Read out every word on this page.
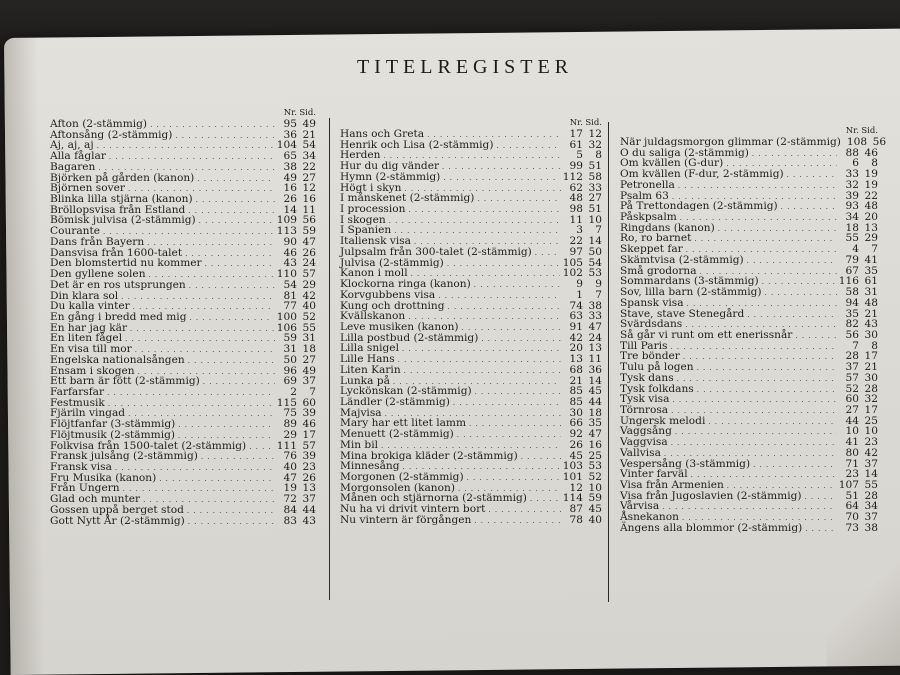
TITELREGISTER
Nr. Sid.
Afton (2-stämmig) . . .	95 49
Aftonsång (2-stämmig) . . .	36 21
Aj, aj, aj . . .	104 54
Alla fåglar . . .	65 34
Bagaren . . .	38 22
Björken på gården (kanon) . . .	49 27
Björnen sover . . .	16 12
Blinka lilla stjärna (kanon) . . .	26 16
Bröllopsvisa från Estland . . .	14 11
Bömisk julvisa (2-stämmig) . . .	109 56
Courante . . .	113 59
Dans från Bayern . . .	90 47
Dansvisa från 1600-talet . . .	46 26
Den blomstertid nu kommer . . .	43 24
Den gyllene solen . . .	110 57
Det är en ros utsprungen . . .	54 29
Din klara sol . . .	81 42
Du kalla vinter . . .	77 40
En gång i bredd med mig . . .	100 52
En har jag kär . . .	106 55
En liten fågel . . .	59 31
En visa till mor . . .	31 18
Engelska nationalsången . . .	50 27
Ensam i skogen . . .	96 49
Ett barn är fött (2-stämmig) . . .	69 37
Farfarsfar . . .	2	7
Festmusik . . .	115 60
Fjäriln vingad . . .	75 39
Flöjtfanfar (3-stämmig) . . .	89 46
Flöjtmusik (2-stämmig) . . .	29 17
Folkvisa från 1500-talet (2-stämmig) . . .	111 57
Fransk julsång (2-stämmig) . . .	76 39
Fransk visa . . .	40 23
Fru Musika (kanon) . . .	47 26
Från Ungern . . .	19 13
Glad och munter . . .	72 37
Gossen uppå berget stod . . .	84 44
Gott Nytt År (2-stämmig) . . .	83 43
Nr. Sid.
Hans och Greta . . .	17 12
Henrik och Lisa (2-stämmig) . . .	61 32
Herden . . .	5	8
Hur du dig vänder . . .	99 51
Hymn (2-stämmig) . . .	112 58
Högt i skyn . . .	62 33
I månskenet (2-stämmig) . . .	48 27
I procession . . .	98 51
I skogen . . .	11 10
I Spanien . . .	3	7
Italiensk visa . . .	22 14
Julpsalm från 300-talet (2-stämmig) . . .	97 50
Julvisa (2-stämmig) . . .	105 54
Kanon i moll . . .	102 53
Klockorna ringa (kanon) . . .	9	9
Korvgubbens visa . . .	1	7
Kung och drottning . . .	74 38
Kvällskanon . . .	63 33
Leve musiken (kanon) . . .	91 47
Lilla postbud (2-stämmig) . . .	42 24
Lilla snigel . . .	20 13
Lille Hans . . .	13 11
Liten Karin . . .	68 36
Lunka på . . .	21 14
Lyckönskan (2-stämmig) . . .	85 45
Ländler (2-stämmig) . . .	85 44
Majvisa . . .	30 18
Mary har ett litet lamm . . .	66 35
Menuett (2-stämmig) . . .	92 47
Min bil . . .	26 16
Mina brokiga kläder (2-stämmig) . . .	45 25
Minnesång . . .	103 53
Morgonen (2-stämmig) . . .	101 52
Morgonsolen (kanon) . . .	12 10
Månen och stjärnorna (2-stämmig) . . .	114 59
Nu ha vi drivit vintern bort . . .	87 45
Nu vintern är förgången . . .	78 40
Nr. Sid.
När juldagsmorgon glimmar (2-stämmig) 108 56
O du saliga (2-stämmig) . . .	88 46
Om kvällen (G-dur) . . .	6	8
Om kvällen (F-dur, 2-stämmig) . . .	33 19
Petronella . . .	32 19
Psalm 63 . . .	39 22
På Trettondagen (2-stämmig) . . .	93 48
Påskpsalm . . .	34 20
Ringdans (kanon) . . .	18 13
Ro, ro barnet . . .	55 29
Skeppet far . . .	4	7
Skämtvisa (2-stämmig) . . .	79 41
Små grodorna . . .	67 35
Sommardans (3-stämmig) . . .	116 61
Sov, lilla barn (2-stämmig) . . .	58 31
Spansk visa . . .	94 48
Stave, stave Stenegård . . .	35 21
Svärdsdans . . .	82 43
Så går vi runt om ett enerissnår . . .	56 30
Till Paris . . .	7	8
Tre bönder . . .	28 17
Tulu på logen . . .	37 21
Tysk dans . . .	57 30
Tysk folkdans . . .	52 28
Tysk visa . . .	60 32
Törnrosa . . .	27 17
Ungersk melodi . . .	44 25
Vaggsång . . .	10 10
Vaggvisa . . .	41 23
Vallvisa . . .	80 42
Vespersång (3-stämmig) . . .	71 37
Vinter farväl . . .	23 14
Visa från Armenien . . .	107 55
Visa från Jugoslavien (2-stämmig) . . .	51 28
Vårvisa . . .	64 34
Åsnekanon . . .	70 37
Ängens alla blommor (2-stämmig) . . .	73 38
